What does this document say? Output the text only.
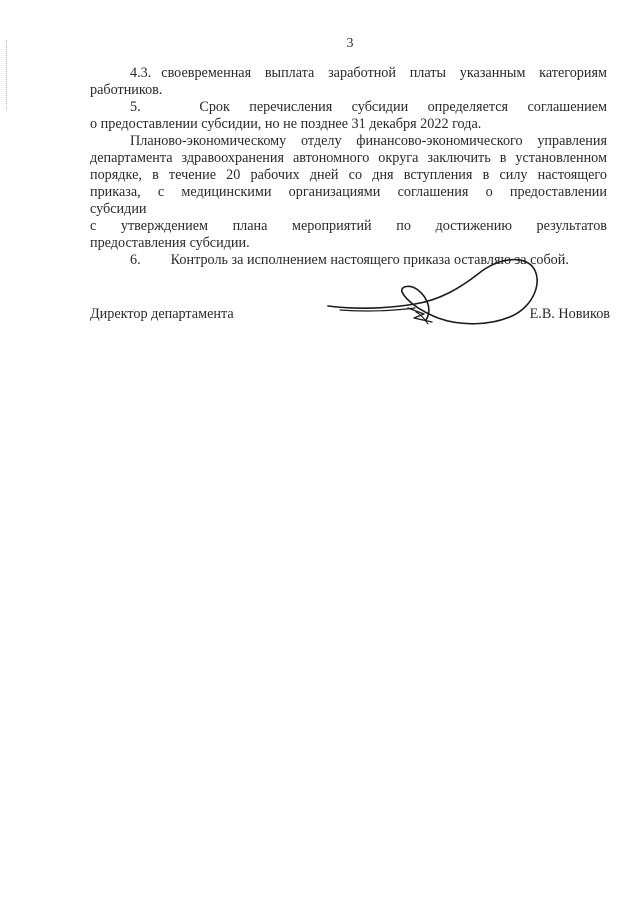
3
4.3. своевременная выплата заработной платы указанным категориям
работников.
5.	Срок перечисления субсидии определяется соглашением
о предоставлении субсидии, но не позднее 31 декабря 2022 года.
Планово-экономическому отделу финансово-экономического управления
департамента здравоохранения автономного округа заключить в установленном
порядке, в течение 20 рабочих дней со дня вступления в силу настоящего
приказа, с медицинскими организациями соглашения о предоставлении
субсидии
с утверждением плана мероприятий по достижению результатов
предоставления субсидии.
6. Контроль за исполнением настоящего приказа оставляю за собой.
Директор департамента	Е.В. Новиков
